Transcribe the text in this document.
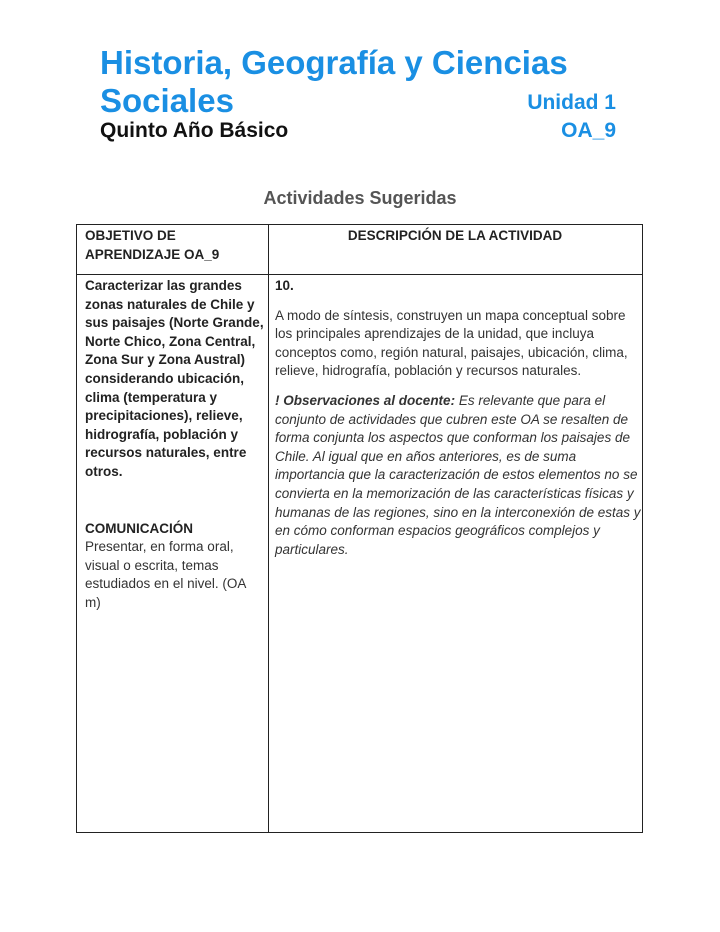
Historia, Geografía y Ciencias
Sociales	Unidad 1
Quinto Año Básico	OA_9
Actividades Sugeridas
OBJETIVO DE APRENDIZAJE OA_9
DESCRIPCIÓN DE LA ACTIVIDAD
Caracterizar las grandes zonas naturales de Chile y sus paisajes (Norte Grande, Norte Chico, Zona Central, Zona Sur y Zona Austral) considerando ubicación, clima (temperatura y precipitaciones), relieve, hidrografía, población y recursos naturales, entre otros.
COMUNICACIÓN
Presentar, en forma oral, visual o escrita, temas estudiados en el nivel. (OA m)
10.
A modo de síntesis, construyen un mapa conceptual sobre los principales aprendizajes de la unidad, que incluya conceptos como, región natural, paisajes, ubicación, clima, relieve, hidrografía, población y recursos naturales.
! Observaciones al docente: Es relevante que para el conjunto de actividades que cubren este OA se resalten de forma conjunta los aspectos que conforman los paisajes de Chile. Al igual que en años anteriores, es de suma importancia que la caracterización de estos elementos no se convierta en la memorización de las características físicas y humanas de las regiones, sino en la interconexión de estas y en cómo conforman espacios geográficos complejos y particulares.
